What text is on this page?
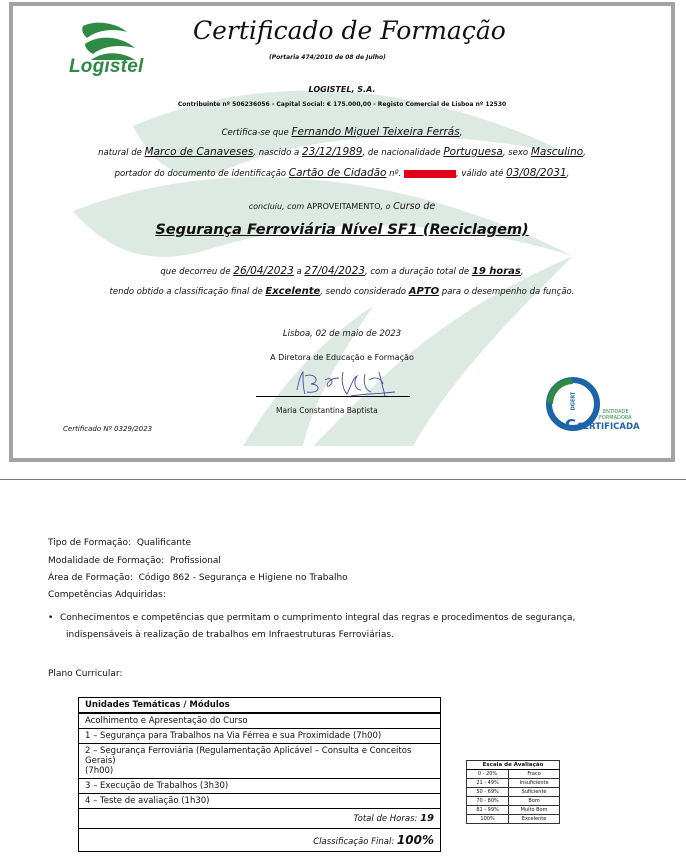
Logistel
Certificado de Formação
(Portaria 474/2010 de 08 de Julho)
LOGISTEL, S.A.
Contribuinte nº 506236056 - Capital Social: € 175.000,00 - Registo Comercial de Lisboa nº 12530
Certifica-se que Fernando Miguel Teixeira Ferrás,
natural de Marco de Canaveses, nascido a 23/12/1989, de nacionalidade Portuguesa, sexo Masculino,
portador do documento de identificação Cartão de Cidadão nº.	, válido até 03/08/2031,
concluiu, com APROVEITAMENTO, o Curso de
Segurança Ferroviária Nível SF1 (Reciclagem)
que decorreu de 26/04/2023 a 27/04/2023, com a duração total de 19 horas,
tendo obtido a classificação final de Excelente, sendo considerado APTO para o desempenho da função.
Lisboa, 02 de maio de 2023
A Diretora de Educação e Formação
Maria Constantina Baptista
Certificado Nº 0329/2023
DGERT
ENTIDADE
FORMADORA
C CERTIFICADA
Tipo de Formação: Qualificante
Modalidade de Formação: Profissional
Área de Formação: Código 862 - Segurança e Higiene no Trabalho
Competências Adquiridas:
• Conhecimentos e competências que permitam o cumprimento integral das regras e procedimentos de segurança,
indispensáveis à realização de trabalhos em Infraestruturas Ferroviárias.
Plano Curricular:
Unidades Temáticas / Módulos
Acolhimento e Apresentação do Curso
1 – Segurança para Trabalhos na Via Férrea e sua Proximidade (7h00)

2 – Segurança Ferroviária (Regulamentação Aplicável – Consulta e Conceitos Gerais)
(7h00)

3 – Execução de Trabalhos (3h30)
4 – Teste de avaliação (1h30)
Total de Horas: 19
Classificação Final: 100%
Escala de Avaliação	
0 - 20%	Fraco
21 - 49%	Insuficiente
50 - 69%	Suficiente
70 - 80%	Bom
81 - 99%	Muito Bom
100%	Excelente
